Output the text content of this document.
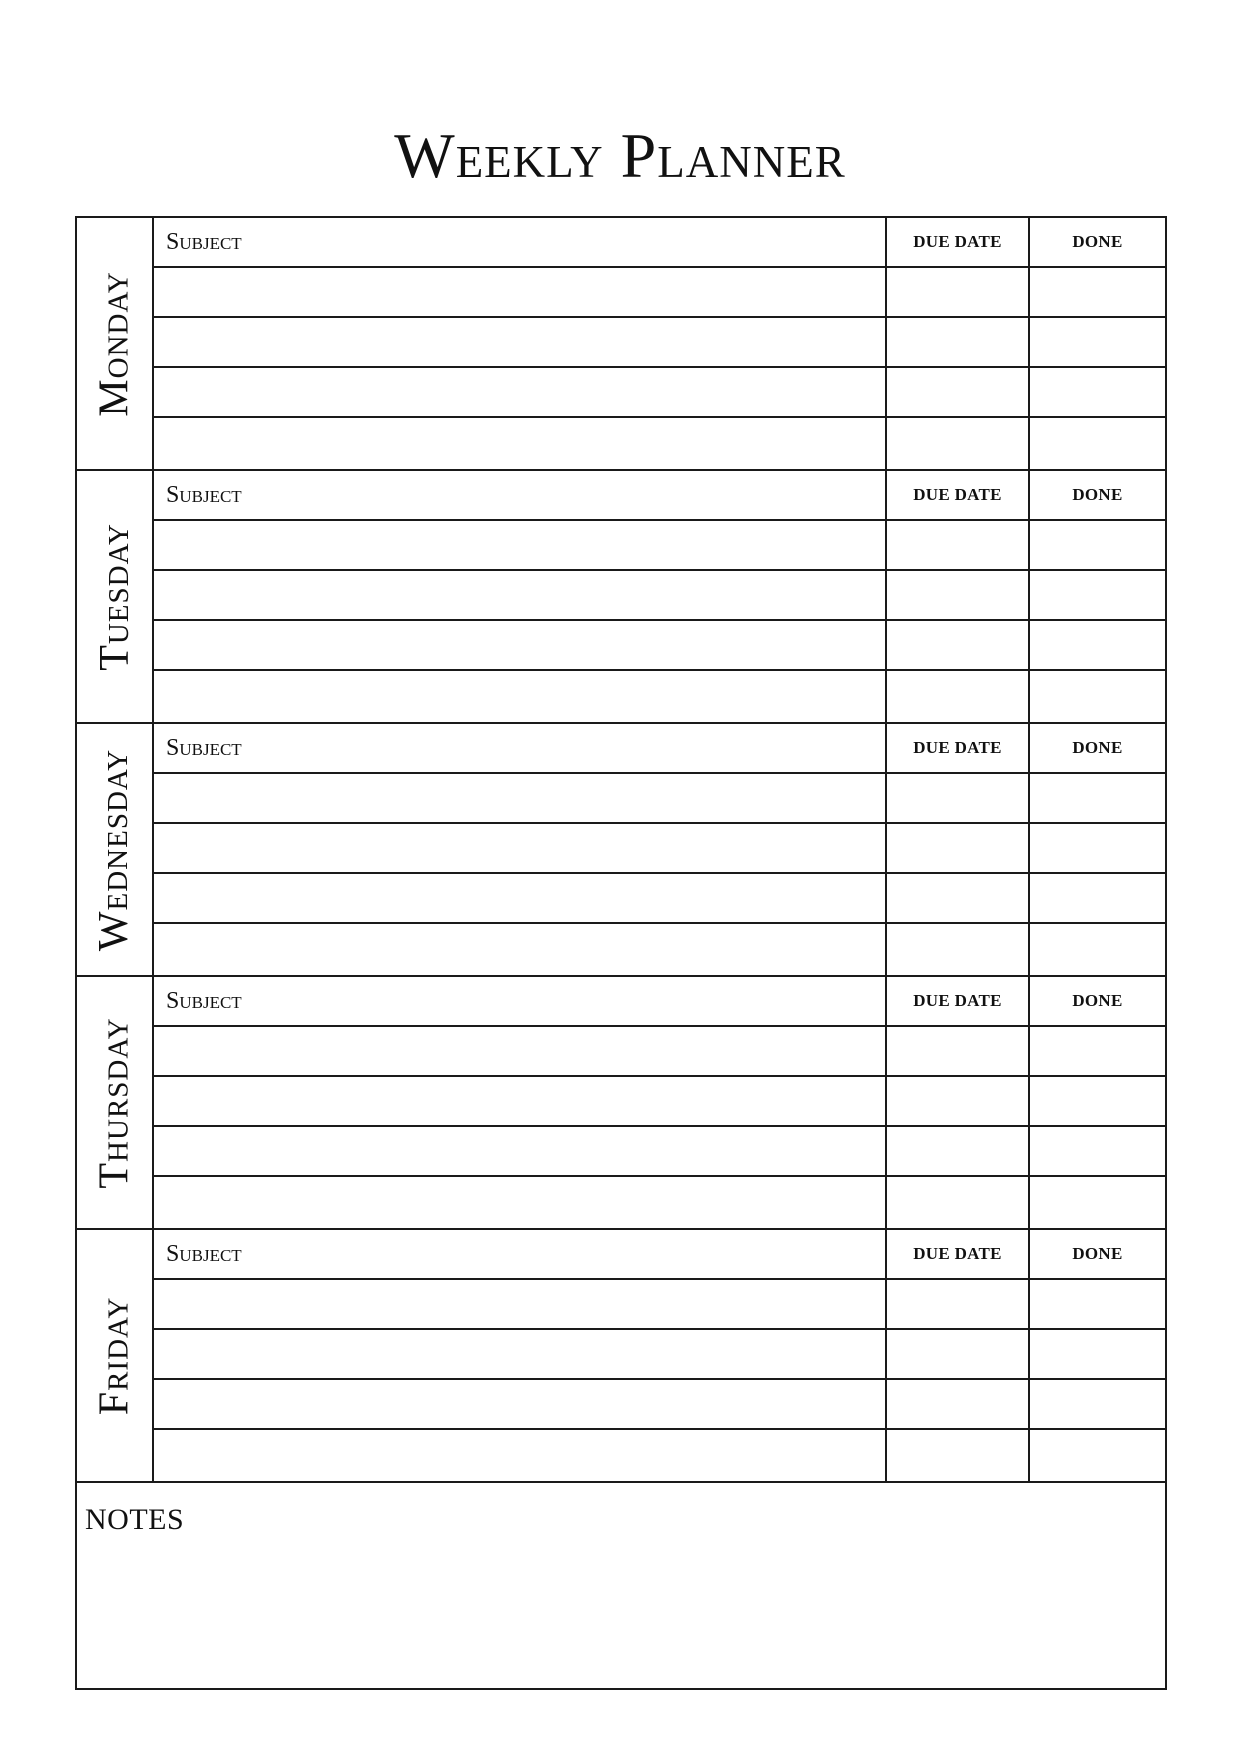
Weekly Planner
Monday
Subject	DUE DATE	DONE
Tuesday
Subject	DUE DATE	DONE
Wednesday
Subject	DUE DATE	DONE
Thursday
Subject	DUE DATE	DONE
Friday
Subject	DUE DATE	DONE
NOTES
